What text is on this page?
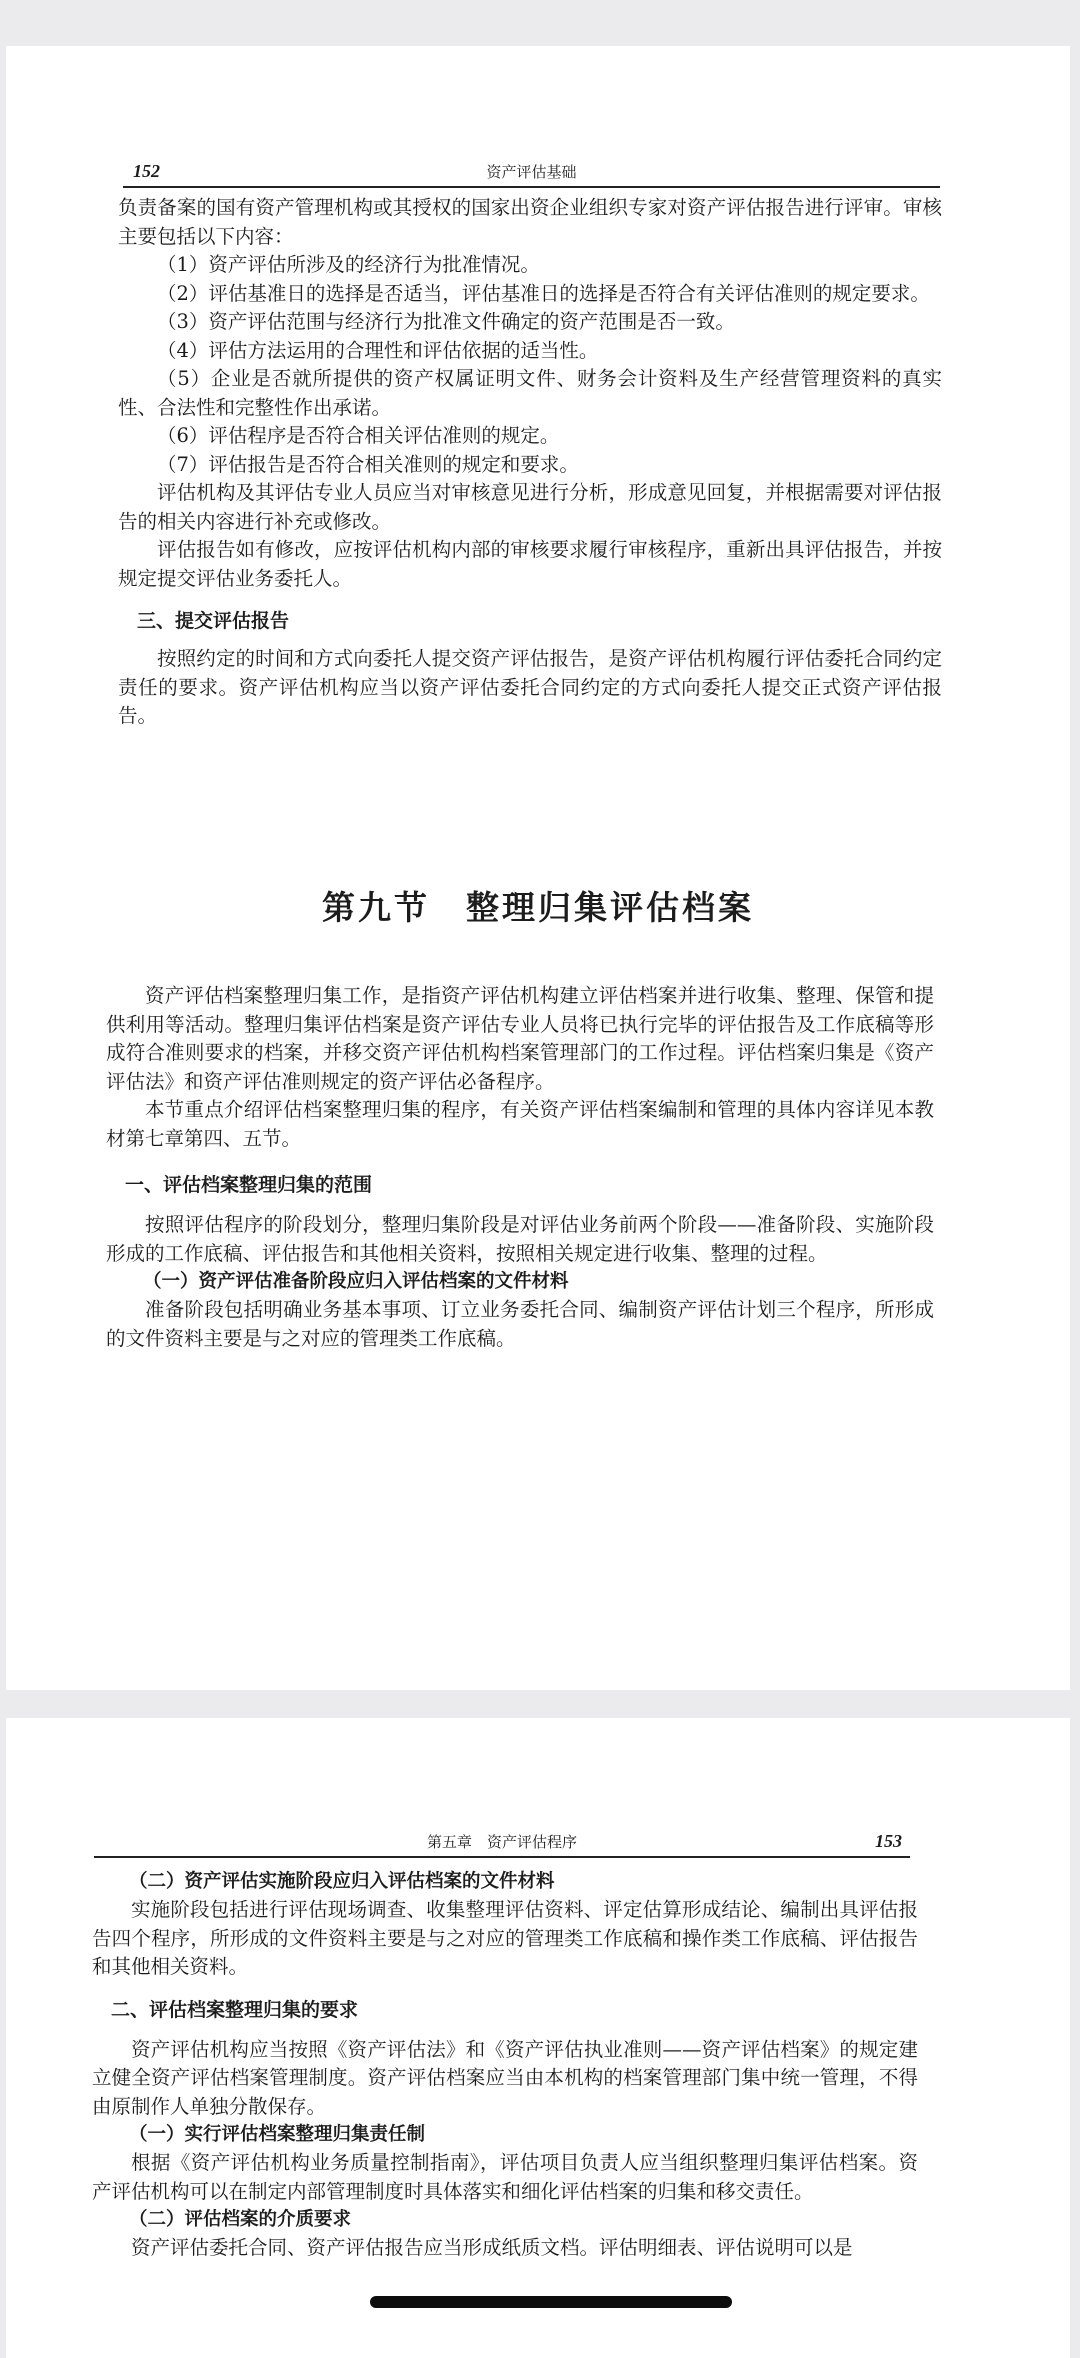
152	资产评估基础

负责备案的国有资产管理机构或其授权的国家出资企业组织专家对资产评估报告进行评审。审核主要包括以下内容：

（1）资产评估所涉及的经济行为批准情况。

（2）评估基准日的选择是否适当，评估基准日的选择是否符合有关评估准则的规定要求。

（3）资产评估范围与经济行为批准文件确定的资产范围是否一致。

（4）评估方法运用的合理性和评估依据的适当性。

（5）企业是否就所提供的资产权属证明文件、财务会计资料及生产经营管理资料的真实性、合法性和完整性作出承诺。

（6）评估程序是否符合相关评估准则的规定。

（7）评估报告是否符合相关准则的规定和要求。

评估机构及其评估专业人员应当对审核意见进行分析，形成意见回复，并根据需要对评估报告的相关内容进行补充或修改。

评估报告如有修改，应按评估机构内部的审核要求履行审核程序，重新出具评估报告，并按规定提交评估业务委托人。

三、提交评估报告

按照约定的时间和方式向委托人提交资产评估报告，是资产评估机构履行评估委托合同约定责任的要求。资产评估机构应当以资产评估委托合同约定的方式向委托人提交正式资产评估报告。

第九节　整理归集评估档案

资产评估档案整理归集工作，是指资产评估机构建立评估档案并进行收集、整理、保管和提供利用等活动。整理归集评估档案是资产评估专业人员将已执行完毕的评估报告及工作底稿等形成符合准则要求的档案，并移交资产评估机构档案管理部门的工作过程。评估档案归集是《资产评估法》和资产评估准则规定的资产评估必备程序。

本节重点介绍评估档案整理归集的程序，有关资产评估档案编制和管理的具体内容详见本教材第七章第四、五节。

一、评估档案整理归集的范围

按照评估程序的阶段划分，整理归集阶段是对评估业务前两个阶段——准备阶段、实施阶段形成的工作底稿、评估报告和其他相关资料，按照相关规定进行收集、整理的过程。

（一）资产评估准备阶段应归入评估档案的文件材料

准备阶段包括明确业务基本事项、订立业务委托合同、编制资产评估计划三个程序，所形成的文件资料主要是与之对应的管理类工作底稿。

第五章　资产评估程序	153
（二）资产评估实施阶段应归入评估档案的文件材料

实施阶段包括进行评估现场调查、收集整理评估资料、评定估算形成结论、编制出具评估报告四个程序，所形成的文件资料主要是与之对应的管理类工作底稿和操作类工作底稿、评估报告和其他相关资料。

二、评估档案整理归集的要求

资产评估机构应当按照《资产评估法》和《资产评估执业准则——资产评估档案》的规定建立健全资产评估档案管理制度。资产评估档案应当由本机构的档案管理部门集中统一管理，不得由原制作人单独分散保存。

（一）实行评估档案整理归集责任制

根据《资产评估机构业务质量控制指南》，评估项目负责人应当组织整理归集评估档案。资产评估机构可以在制定内部管理制度时具体落实和细化评估档案的归集和移交责任。

（二）评估档案的介质要求

资产评估委托合同、资产评估报告应当形成纸质文档。评估明细表、评估说明可以是
